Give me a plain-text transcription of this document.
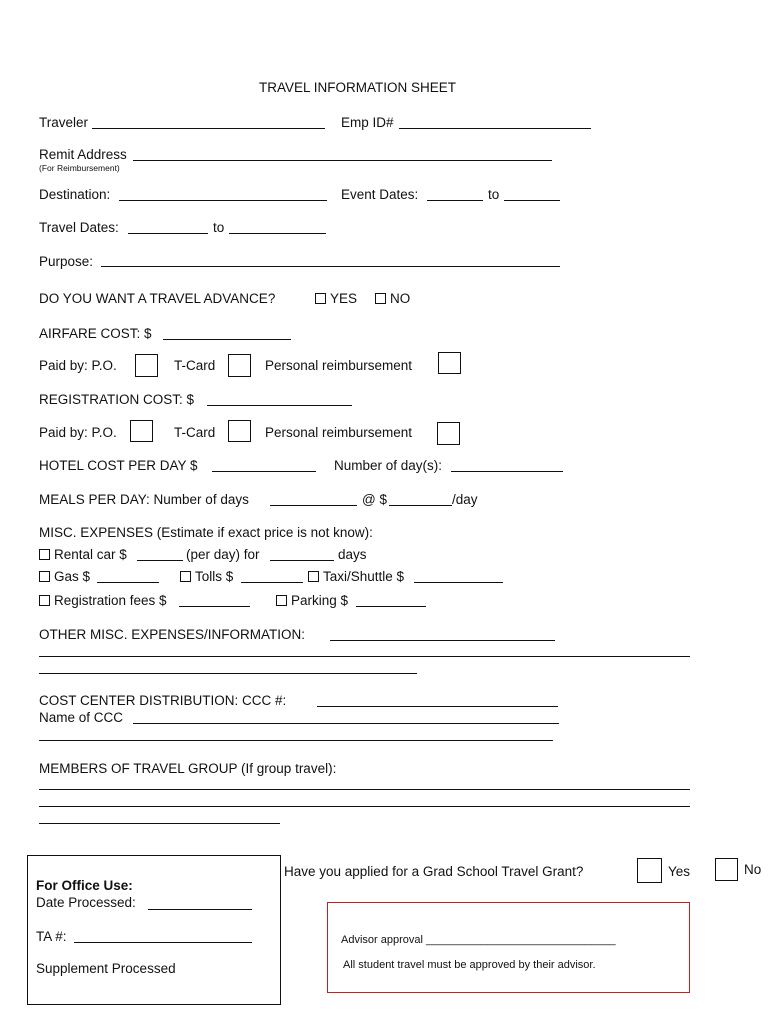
TRAVEL INFORMATION SHEET
Traveler	Emp ID#
Remit Address
(For Reimbursement)
Destination:	Event Dates:	to
Travel Dates:	to
Purpose:
DO YOU WANT A TRAVEL ADVANCE?	YES	NO
AIRFARE COST: $
Paid by: P.O.	T-Card	Personal reimbursement
REGISTRATION COST: $
Paid by: P.O.	T-Card	Personal reimbursement
HOTEL COST PER DAY $	Number of day(s):
MEALS PER DAY: Number of days	@ $	/day
MISC. EXPENSES (Estimate if exact price is not know):
Rental car $	(per day) for	days
Gas $	Tolls $	Taxi/Shuttle $
Registration fees $	Parking $
OTHER MISC. EXPENSES/INFORMATION:
COST CENTER DISTRIBUTION: CCC #:
Name of CCC
MEMBERS OF TRAVEL GROUP (If group travel):
For Office Use:
Date Processed:
TA #:
Supplement Processed
Have you applied for a Grad School Travel Grant?	Yes	No
Advisor approval _______________________________
All student travel must be approved by their advisor.
